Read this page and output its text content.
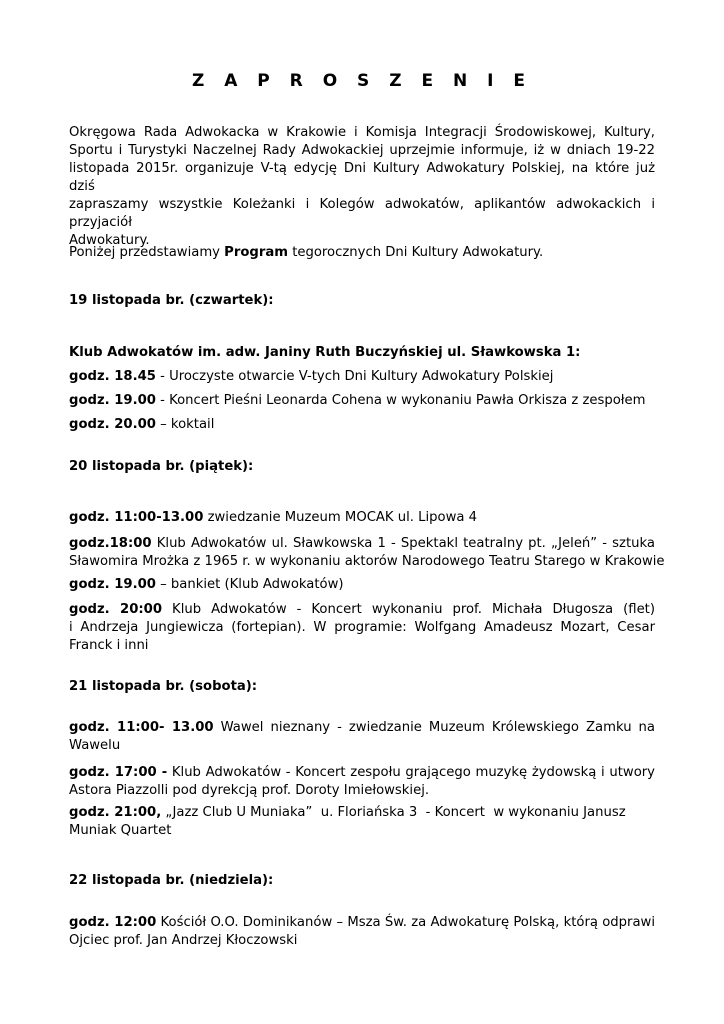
Z A P R O S Z E N I E
Okręgowa Rada Adwokacka w Krakowie i Komisja Integracji Środowiskowej, Kultury,
Sportu i Turystyki Naczelnej Rady Adwokackiej uprzejmie informuje, iż w dniach 19-22
listopada 2015r. organizuje V-tą edycję Dni Kultury Adwokatury Polskiej, na które już dziś
zapraszamy wszystkie Koleżanki i Kolegów adwokatów, aplikantów adwokackich i przyjaciół
Adwokatury.
Poniżej przedstawiamy Program tegorocznych Dni Kultury Adwokatury.
19 listopada br. (czwartek):
Klub Adwokatów im. adw. Janiny Ruth Buczyńskiej ul. Sławkowska 1:
godz. 18.45 - Uroczyste otwarcie V-tych Dni Kultury Adwokatury Polskiej
godz. 19.00 - Koncert Pieśni Leonarda Cohena w wykonaniu Pawła Orkisza z zespołem
godz. 20.00 – koktail
20 listopada br. (piątek):
godz. 11:00-13.00 zwiedzanie Muzeum MOCAK ul. Lipowa 4
godz.18:00 Klub Adwokatów ul. Sławkowska 1 - Spektakl teatralny pt. „Jeleń” - sztuka
Sławomira Mrożka z 1965 r. w wykonaniu aktorów Narodowego Teatru Starego w Krakowie
godz. 19.00 – bankiet (Klub Adwokatów)
godz. 20:00 Klub Adwokatów - Koncert wykonaniu prof. Michała Długosza (flet)
i Andrzeja Jungiewicza (fortepian). W programie: Wolfgang Amadeusz Mozart, Cesar
Franck i inni
21 listopada br. (sobota):
godz. 11:00- 13.00 Wawel nieznany - zwiedzanie Muzeum Królewskiego Zamku na
Wawelu
godz. 17:00 - Klub Adwokatów - Koncert zespołu grającego muzykę żydowską i utwory
Astora Piazzolli pod dyrekcją prof. Doroty Imiełowskiej.
godz. 21:00, „Jazz Club U Muniaka”  u. Floriańska 3  - Koncert  w wykonaniu Janusz
Muniak Quartet
22 listopada br. (niedziela):
godz. 12:00 Kościół O.O. Dominikanów – Msza Św. za Adwokaturę Polską, którą odprawi
Ojciec prof. Jan Andrzej Kłoczowski
